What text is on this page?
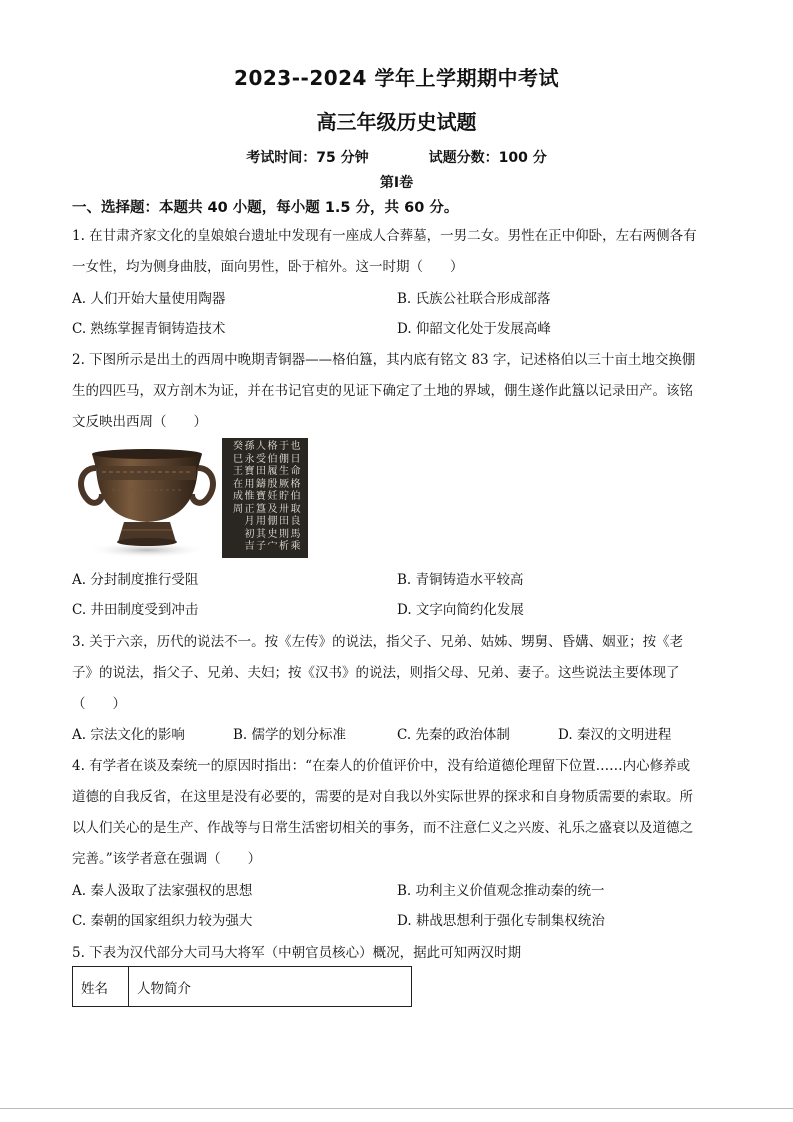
2023--2024 学年上学期期中考试
高三年级历史试题
考试时间：75 分钟	试题分数：100 分
第Ⅰ卷
一、选择题：本题共 40 小题，每小题 1.5 分，共 60 分。
1. 在甘肃齐家文化的皇娘娘台遗址中发现有一座成人合葬墓，一男二女。男性在正中仰卧，左右两侧各有
一女性，均为侧身曲肢，面向男性，卧于棺外。这一时期（　　）
A. 人们开始大量使用陶器	B. 氏族公社联合形成部落
C. 熟练掌握青铜铸造技术	D. 仰韶文化处于发展高峰
2. 下图所示是出土的西周中晚期青铜器——格伯簋，其内底有铭文 83 字，记述格伯以三十亩土地交换倗
生的四匹马，双方剖木为证，并在书记官吏的见证下确定了土地的界域，倗生遂作此簋以记录田产。该铭
文反映出西周（　　）
也
日
命
格
伯
取
良
馬
乘
于
倗
生
厥
貯
卅
田
則
析
格
伯
履
殷
妊
及
倗
史
宀
人
受
田
鑄
寶
簋
用
其
子
孫
永
寶
用
惟
正
月
初
吉
癸
巳
王
在
成
周
A. 分封制度推行受阻	B. 青铜铸造水平较高
C. 井田制度受到冲击	D. 文字向简约化发展
3. 关于六亲，历代的说法不一。按《左传》的说法，指父子、兄弟、姑姊、甥舅、昏媾、姻亚；按《老
子》的说法，指父子、兄弟、夫妇；按《汉书》的说法，则指父母、兄弟、妻子。这些说法主要体现了
（　　）
A. 宗法文化的影响	B. 儒学的划分标准	C. 先秦的政治体制	D. 秦汉的文明进程
4. 有学者在谈及秦统一的原因时指出：“在秦人的价值评价中，没有给道德伦理留下位置……内心修养或
道德的自我反省，在这里是没有必要的，需要的是对自我以外实际世界的探求和自身物质需要的索取。所
以人们关心的是生产、作战等与日常生活密切相关的事务，而不注意仁义之兴废、礼乐之盛衰以及道德之
完善。”该学者意在强调（　　）
A. 秦人汲取了法家强权的思想	B. 功利主义价值观念推动秦的统一
C. 秦朝的国家组织力较为强大	D. 耕战思想利于强化专制集权统治
5. 下表为汉代部分大司马大将军（中朝官员核心）概况，据此可知两汉时期
姓名	人物简介
